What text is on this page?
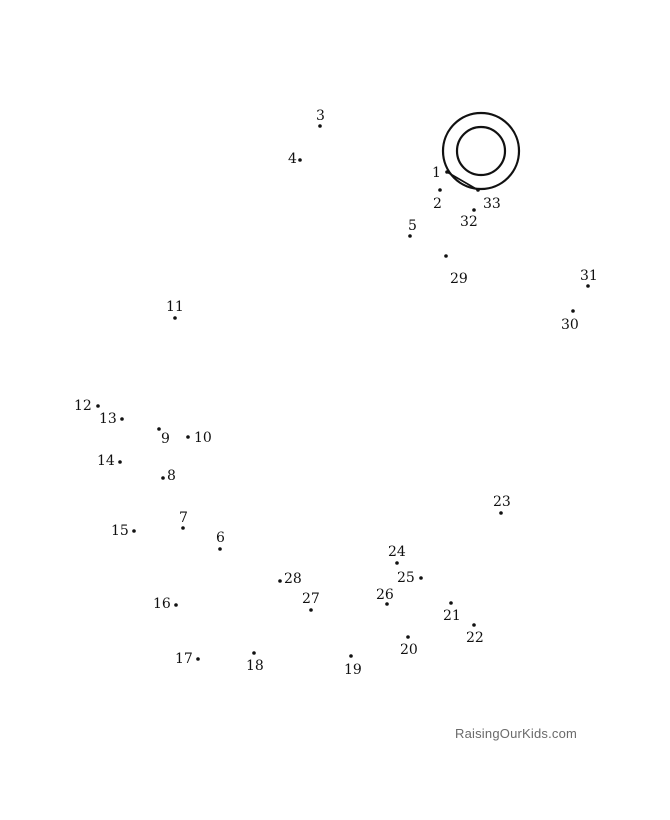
1
2
3
4
5
6
7
8
9 10
11
12
13
14
15
16
17	18	19
20
21
22
23
24
25
26
27
28
29
30
31
32
33
RaisingOurKids.com
